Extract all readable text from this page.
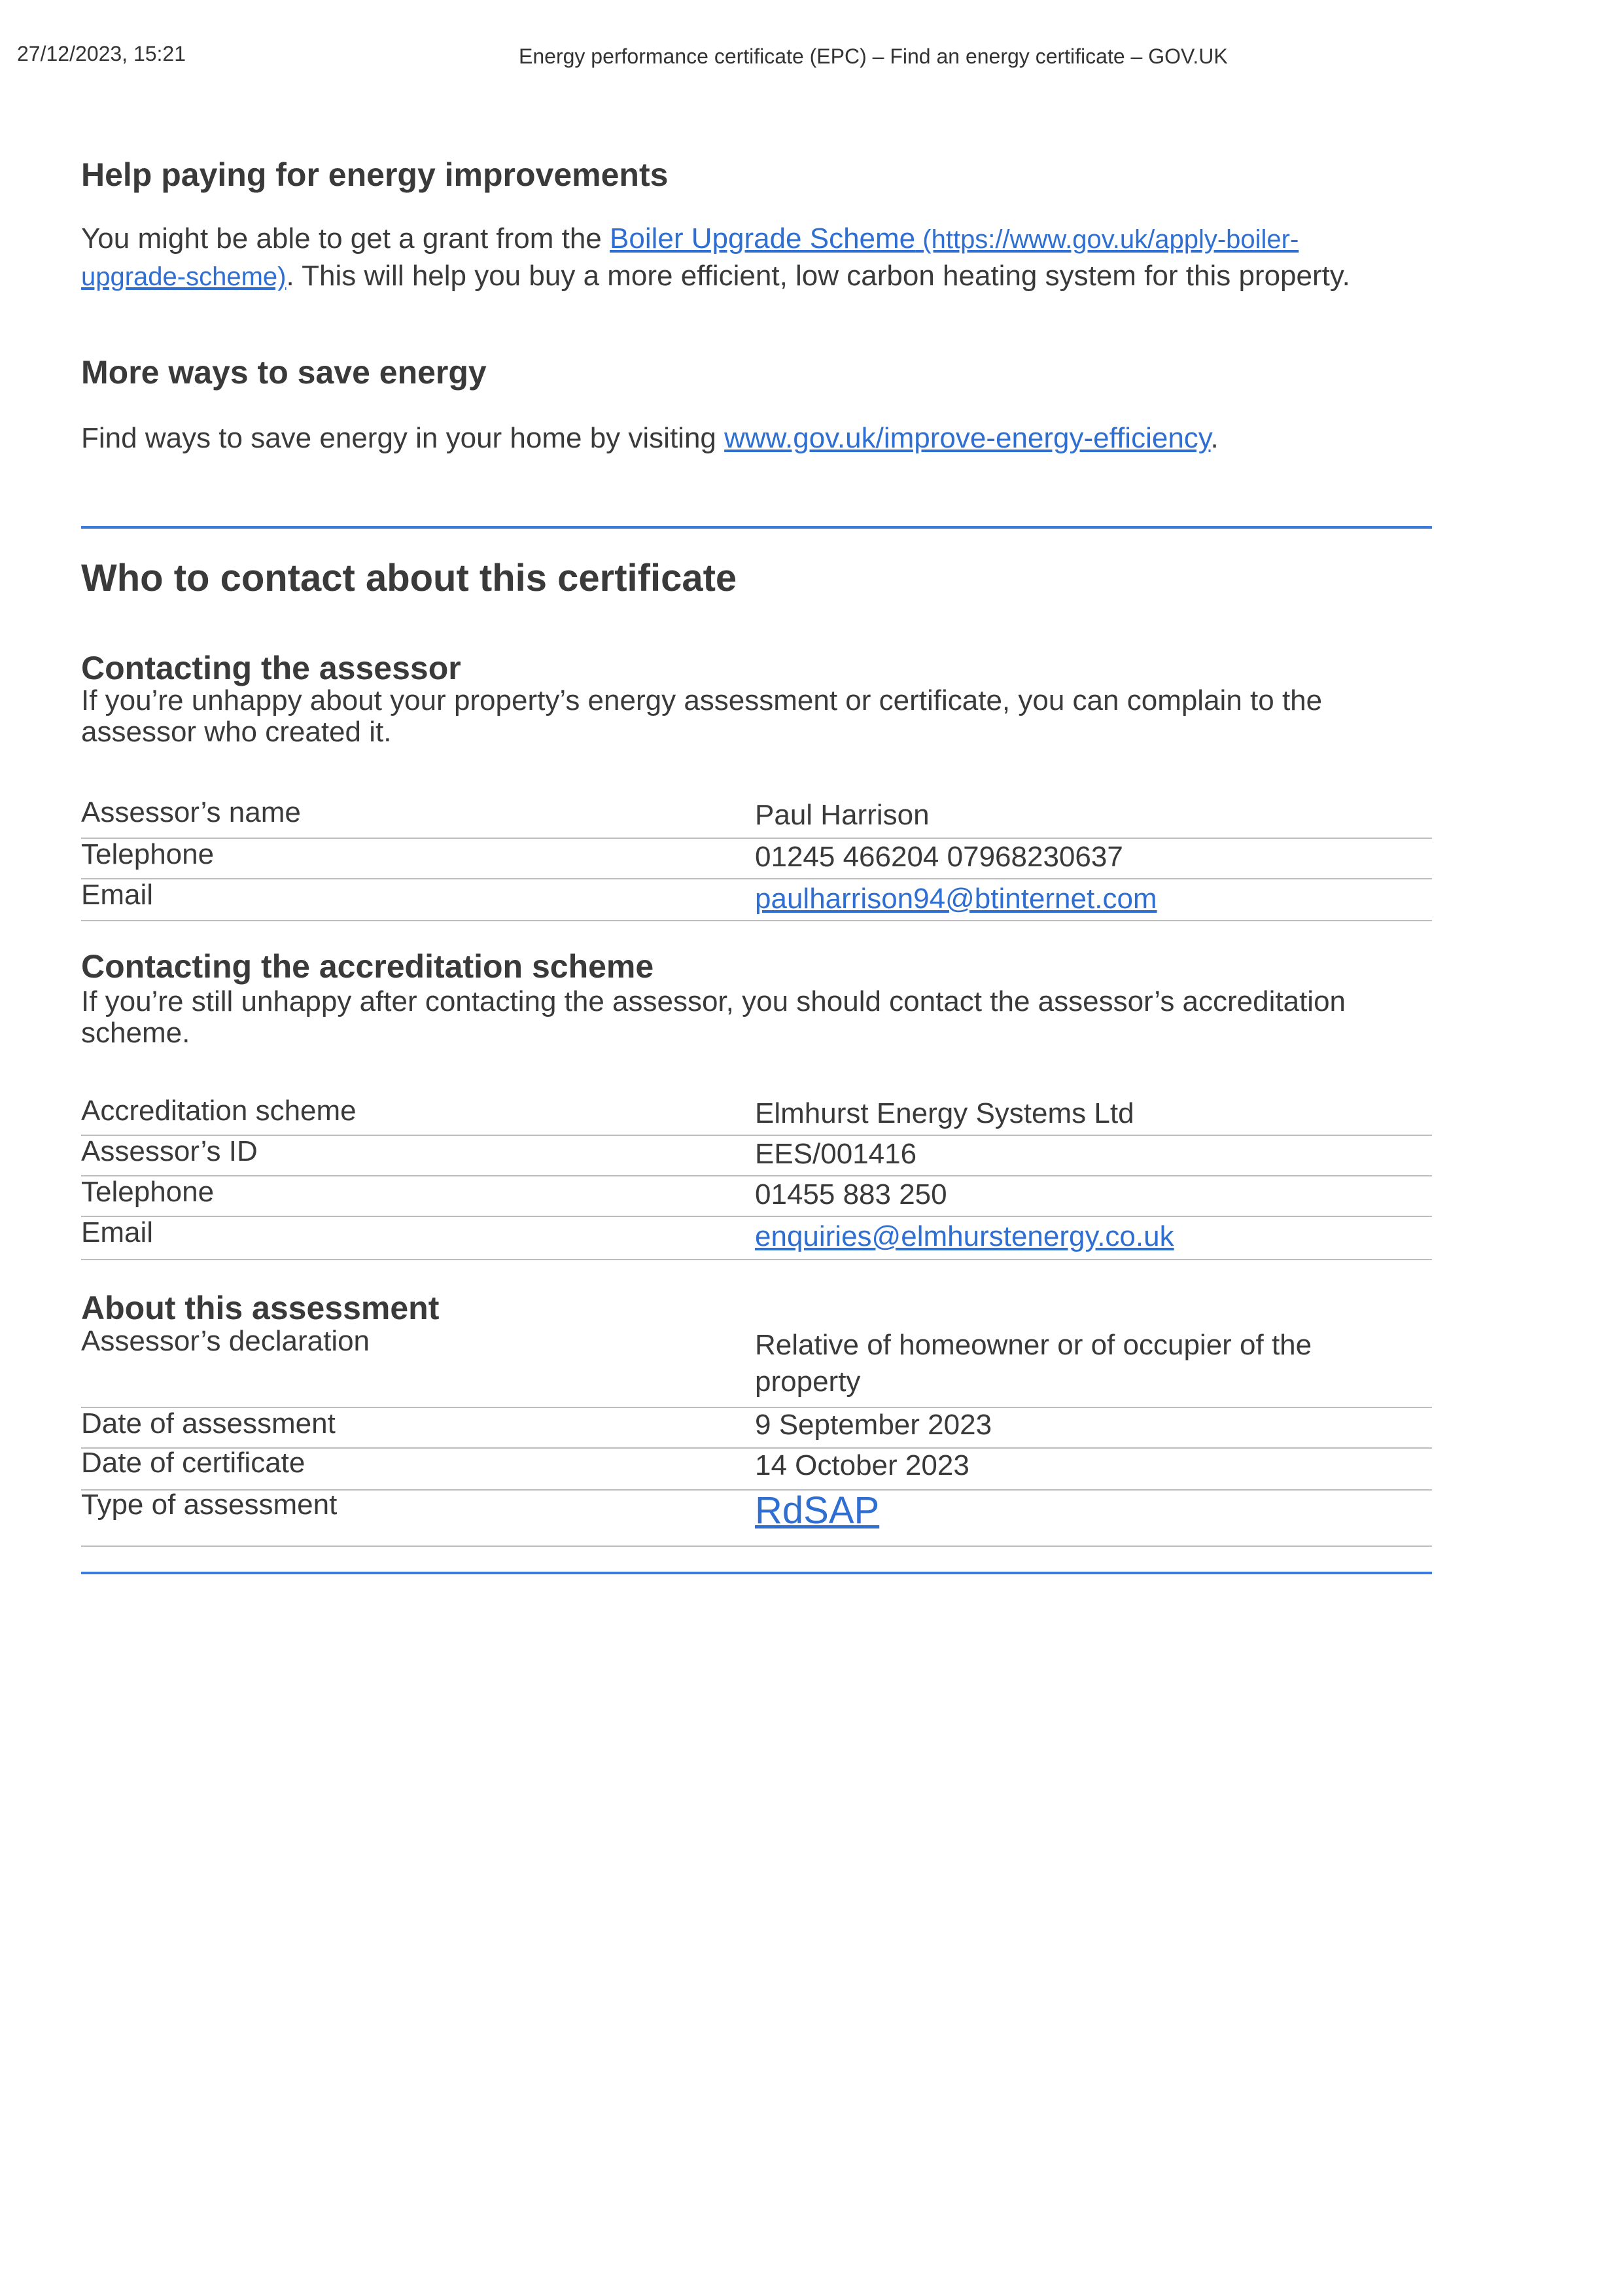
27/12/2023, 15:21	Energy performance certificate (EPC) – Find an energy certificate – GOV.UK
Help paying for energy improvements

You might be able to get a grant from the Boiler Upgrade Scheme (https://www.gov.uk/apply-boiler-
upgrade-scheme). This will help you buy a more efficient, low carbon heating system for this property.

More ways to save energy

Find ways to save energy in your home by visiting www.gov.uk/improve-energy-efficiency.

Who to contact about this certificate
Contacting the assessor

If you’re unhappy about your property’s energy assessment or certificate, you can complain to the
assessor who created it.

Assessor’s name	Paul Harrison
Telephone	01245 466204 07968230637
Email	paulharrison94@btinternet.com
Contacting the accreditation scheme

If you’re still unhappy after contacting the assessor, you should contact the assessor’s accreditation
scheme.

Accreditation scheme	Elmhurst Energy Systems Ltd
Assessor’s ID	EES/001416
Telephone	01455 883 250
Email	enquiries@elmhurstenergy.co.uk
About this assessment
Assessor’s declaration	Relative of homeowner or of occupier of the
property
Date of assessment	9 September 2023
Date of certificate	14 October 2023
Type of assessment	RdSAP
